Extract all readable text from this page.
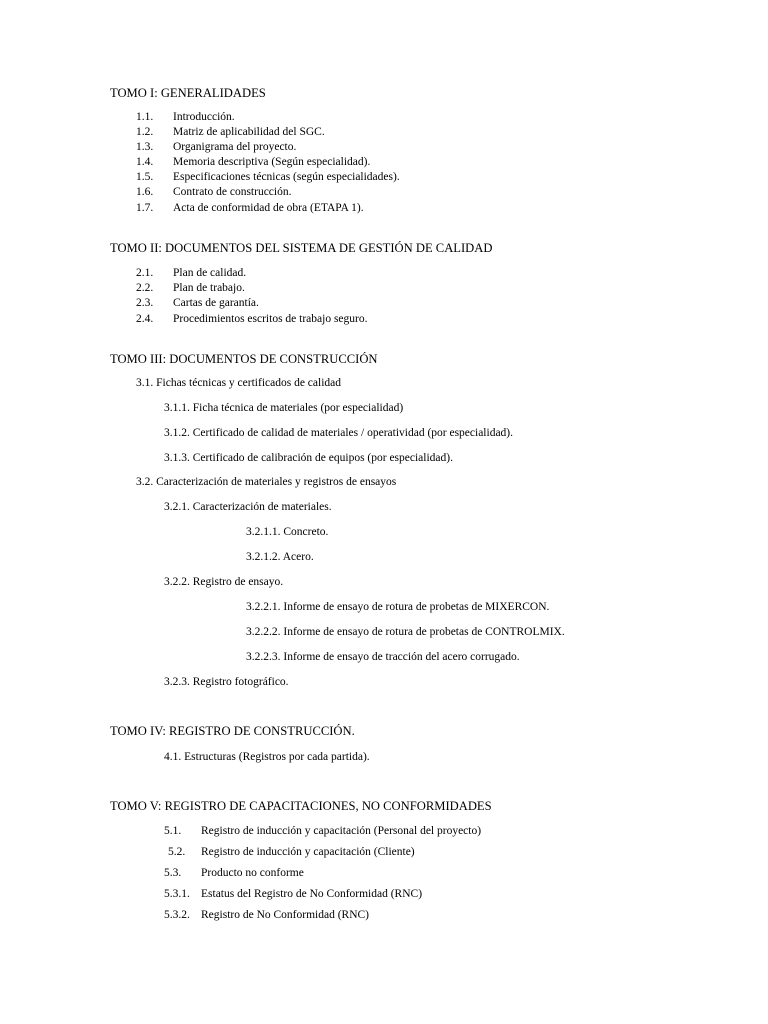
TOMO I: GENERALIDADES
1.1. Introducción.
1.2. Matriz de aplicabilidad del SGC.
1.3. Organigrama del proyecto.
1.4. Memoria descriptiva (Según especialidad).
1.5. Especificaciones técnicas (según especialidades).
1.6. Contrato de construcción.
1.7. Acta de conformidad de obra (ETAPA 1).
TOMO II: DOCUMENTOS DEL SISTEMA DE GESTIÓN DE CALIDAD
2.1. Plan de calidad.
2.2. Plan de trabajo.
2.3. Cartas de garantía.
2.4. Procedimientos escritos de trabajo seguro.
TOMO III: DOCUMENTOS DE CONSTRUCCIÓN
3.1. Fichas técnicas y certificados de calidad
3.1.1. Ficha técnica de materiales (por especialidad)
3.1.2. Certificado de calidad de materiales / operatividad (por especialidad).
3.1.3. Certificado de calibración de equipos (por especialidad).
3.2. Caracterización de materiales y registros de ensayos
3.2.1. Caracterización de materiales.
3.2.1.1. Concreto.
3.2.1.2. Acero.
3.2.2. Registro de ensayo.
3.2.2.1. Informe de ensayo de rotura de probetas de MIXERCON.
3.2.2.2. Informe de ensayo de rotura de probetas de CONTROLMIX.
3.2.2.3. Informe de ensayo de tracción del acero corrugado.
3.2.3. Registro fotográfico.
TOMO IV: REGISTRO DE CONSTRUCCIÓN.
4.1. Estructuras (Registros por cada partida).
TOMO V: REGISTRO DE CAPACITACIONES, NO CONFORMIDADES
5.1. Registro de inducción y capacitación (Personal del proyecto)
5.2. Registro de inducción y capacitación (Cliente)
5.3. Producto no conforme
5.3.1. Estatus del Registro de No Conformidad (RNC)
5.3.2. Registro de No Conformidad (RNC)
